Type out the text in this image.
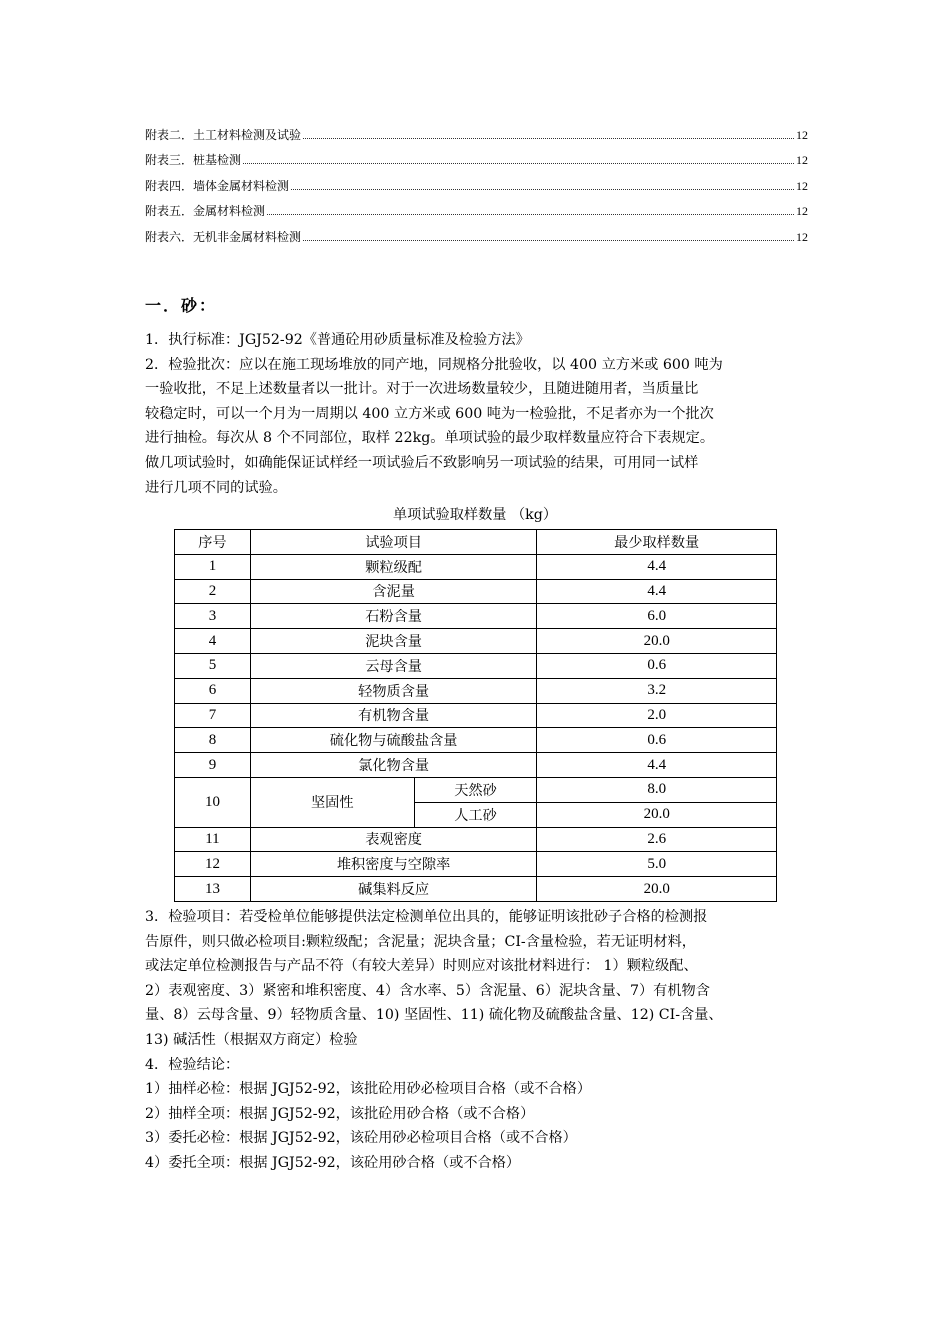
附表二．土工材料检测及试验	12
附表三．桩基检测	12
附表四．墙体金属材料检测	12
附表五．金属材料检测	12
附表六．无机非金属材料检测	12
一．砂：

1．执行标准：JGJ52-92《普通砼用砂质量标准及检验方法》

2．检验批次：应以在施工现场堆放的同产地，同规格分批验收，以 400 立方米或 600 吨为

一验收批，不足上述数量者以一批计。对于一次进场数量较少，且随进随用者，当质量比

较稳定时，可以一个月为一周期以 400 立方米或 600 吨为一检验批，不足者亦为一个批次

进行抽检。每次从 8 个不同部位，取样 22kg。单项试验的最少取样数量应符合下表规定。

做几项试验时，如确能保证试样经一项试验后不致影响另一项试验的结果，可用同一试样

进行几项不同的试验。

单项试验取样数量 （kg）
序号	试验项目		最少取样数量
1	颗粒级配		4.4
2	含泥量		4.4
3	石粉含量		6.0
4	泥块含量		20.0
5	云母含量		0.6
6	轻物质含量		3.2
7	有机物含量		2.0
8	硫化物与硫酸盐含量		0.6
9	氯化物含量		4.4
10	坚固性	天然砂	8.0
		人工砂	20.0
11	表观密度		2.6
12	堆积密度与空隙率		5.0
13	碱集料反应		20.0

3．检验项目：若受检单位能够提供法定检测单位出具的，能够证明该批砂子合格的检测报

告原件，则只做必检项目:颗粒级配；含泥量；泥块含量；CI-含量检验，若无证明材料，

或法定单位检测报告与产品不符（有较大差异）时则应对该批材料进行： 1）颗粒级配、

2）表观密度、3）紧密和堆积密度、4）含水率、5）含泥量、6）泥块含量、7）有机物含

量、8）云母含量、9）轻物质含量、10) 坚固性、11) 硫化物及硫酸盐含量、12) CI-含量、

13) 碱活性（根据双方商定）检验

4．检验结论：

1）抽样必检：根据 JGJ52-92，该批砼用砂必检项目合格（或不合格）

2）抽样全项：根据 JGJ52-92，该批砼用砂合格（或不合格）

3）委托必检：根据 JGJ52-92，该砼用砂必检项目合格（或不合格）

4）委托全项：根据 JGJ52-92，该砼用砂合格（或不合格）
